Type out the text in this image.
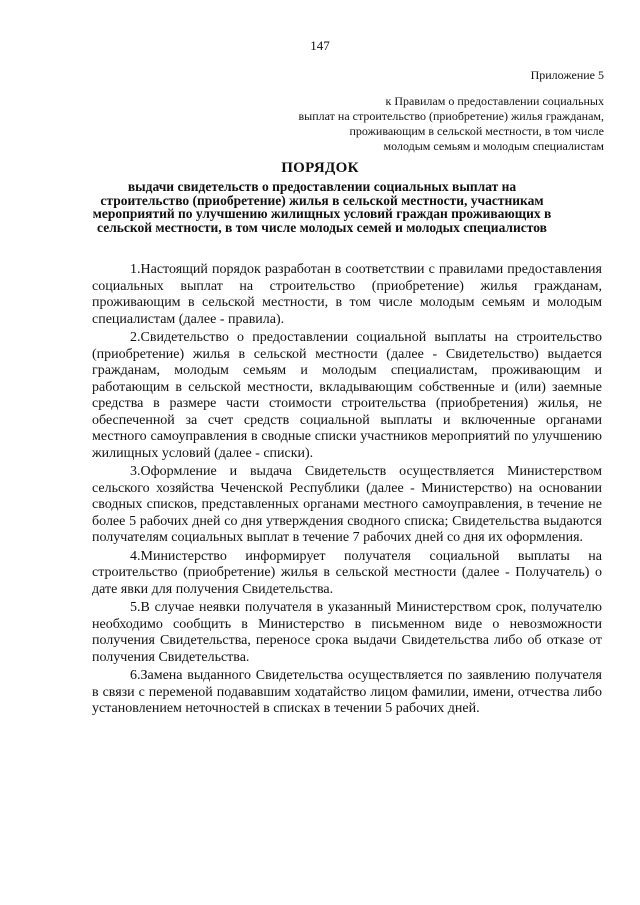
147
Приложение 5
к Правилам о предоставлении социальных
выплат на строительство (приобретение) жилья гражданам,
проживающим в сельской местности, в том числе
молодым семьям и молодым специалистам
ПОРЯДОК
выдачи свидетельств о предоставлении социальных выплат на строительство (приобретение) жилья в сельской местности, участникам мероприятий по улучшению жилищных условий граждан проживающих в сельской местности, в том числе молодых семей и молодых специалистов

1.Настоящий порядок разработан в соответствии с правилами предоставления социальных выплат на строительство (приобретение) жилья гражданам, проживающим в сельской местности, в том числе молодым семьям и молодым специалистам (далее - правила).

2.Свидетельство о предоставлении социальной выплаты на строительство (приобретение) жилья в сельской местности (далее - Свидетельство) выдается гражданам, молодым семьям и молодым специалистам, проживающим и работающим в сельской местности, вкладывающим собственные и (или) заемные средства в размере части стоимости строительства (приобретения) жилья, не обеспеченной за счет средств социальной выплаты и включенные органами местного самоуправления в сводные списки участников мероприятий по улучшению жилищных условий (далее - списки).

3.Оформление и выдача Свидетельств осуществляется Министерством сельского хозяйства Чеченской Республики (далее - Министерство) на основании сводных списков, представленных органами местного самоуправления, в течение не более 5 рабочих дней со дня утверждения сводного списка; Свидетельства выдаются получателям социальных выплат в течение 7 рабочих дней со дня их оформления.

4.Министерство информирует получателя социальной выплаты на строительство (приобретение) жилья в сельской местности (далее - Получатель) о дате явки для получения Свидетельства.

5.В случае неявки получателя в указанный Министерством срок, получателю необходимо сообщить в Министерство в письменном виде о невозможности получения Свидетельства, переносе срока выдачи Свидетельства либо об отказе от получения Свидетельства.

6.Замена выданного Свидетельства осуществляется по заявлению получателя в связи с переменой подававшим ходатайство лицом фамилии, имени, отчества либо установлением неточностей в списках в течении 5 рабочих дней.
